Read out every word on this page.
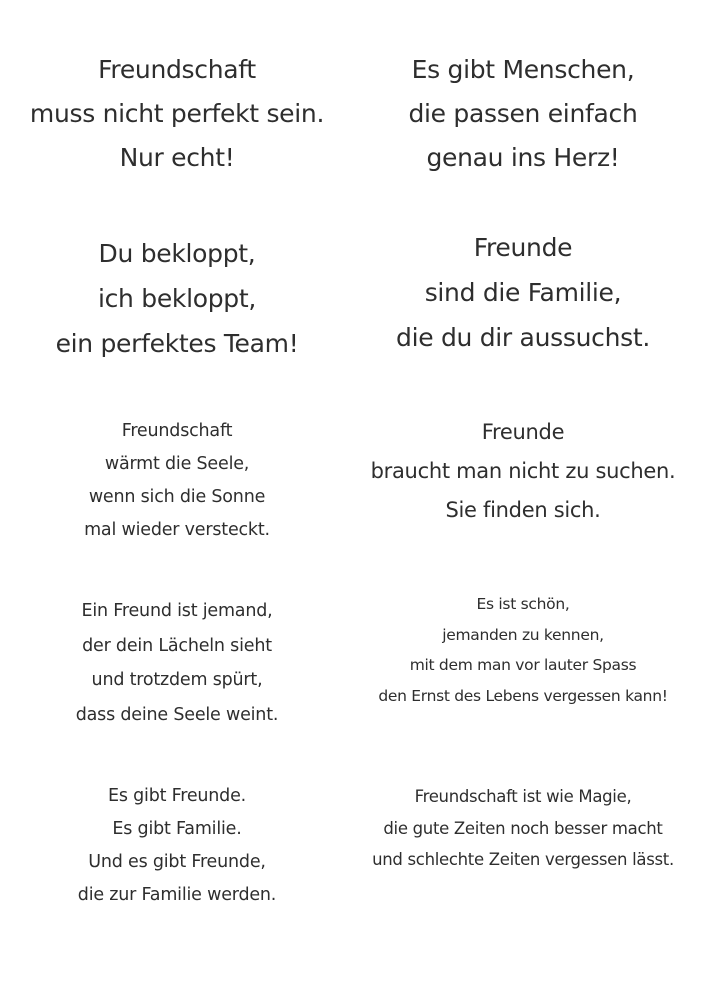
Freundschaft
muss nicht perfekt sein.
Nur echt!
Es gibt Menschen,
die passen einfach
genau ins Herz!
Du bekloppt,
ich bekloppt,
ein perfektes Team!
Freunde
sind die Familie,
die du dir aussuchst.
Freundschaft
wärmt die Seele,
wenn sich die Sonne
mal wieder versteckt.
Freunde
braucht man nicht zu suchen.
Sie finden sich.
Ein Freund ist jemand,
der dein Lächeln sieht
und trotzdem spürt,
dass deine Seele weint.
Es ist schön,
jemanden zu kennen,
mit dem man vor lauter Spass
den Ernst des Lebens vergessen kann!
Es gibt Freunde.
Es gibt Familie.
Und es gibt Freunde,
die zur Familie werden.
Freundschaft ist wie Magie,
die gute Zeiten noch besser macht
und schlechte Zeiten vergessen lässt.
